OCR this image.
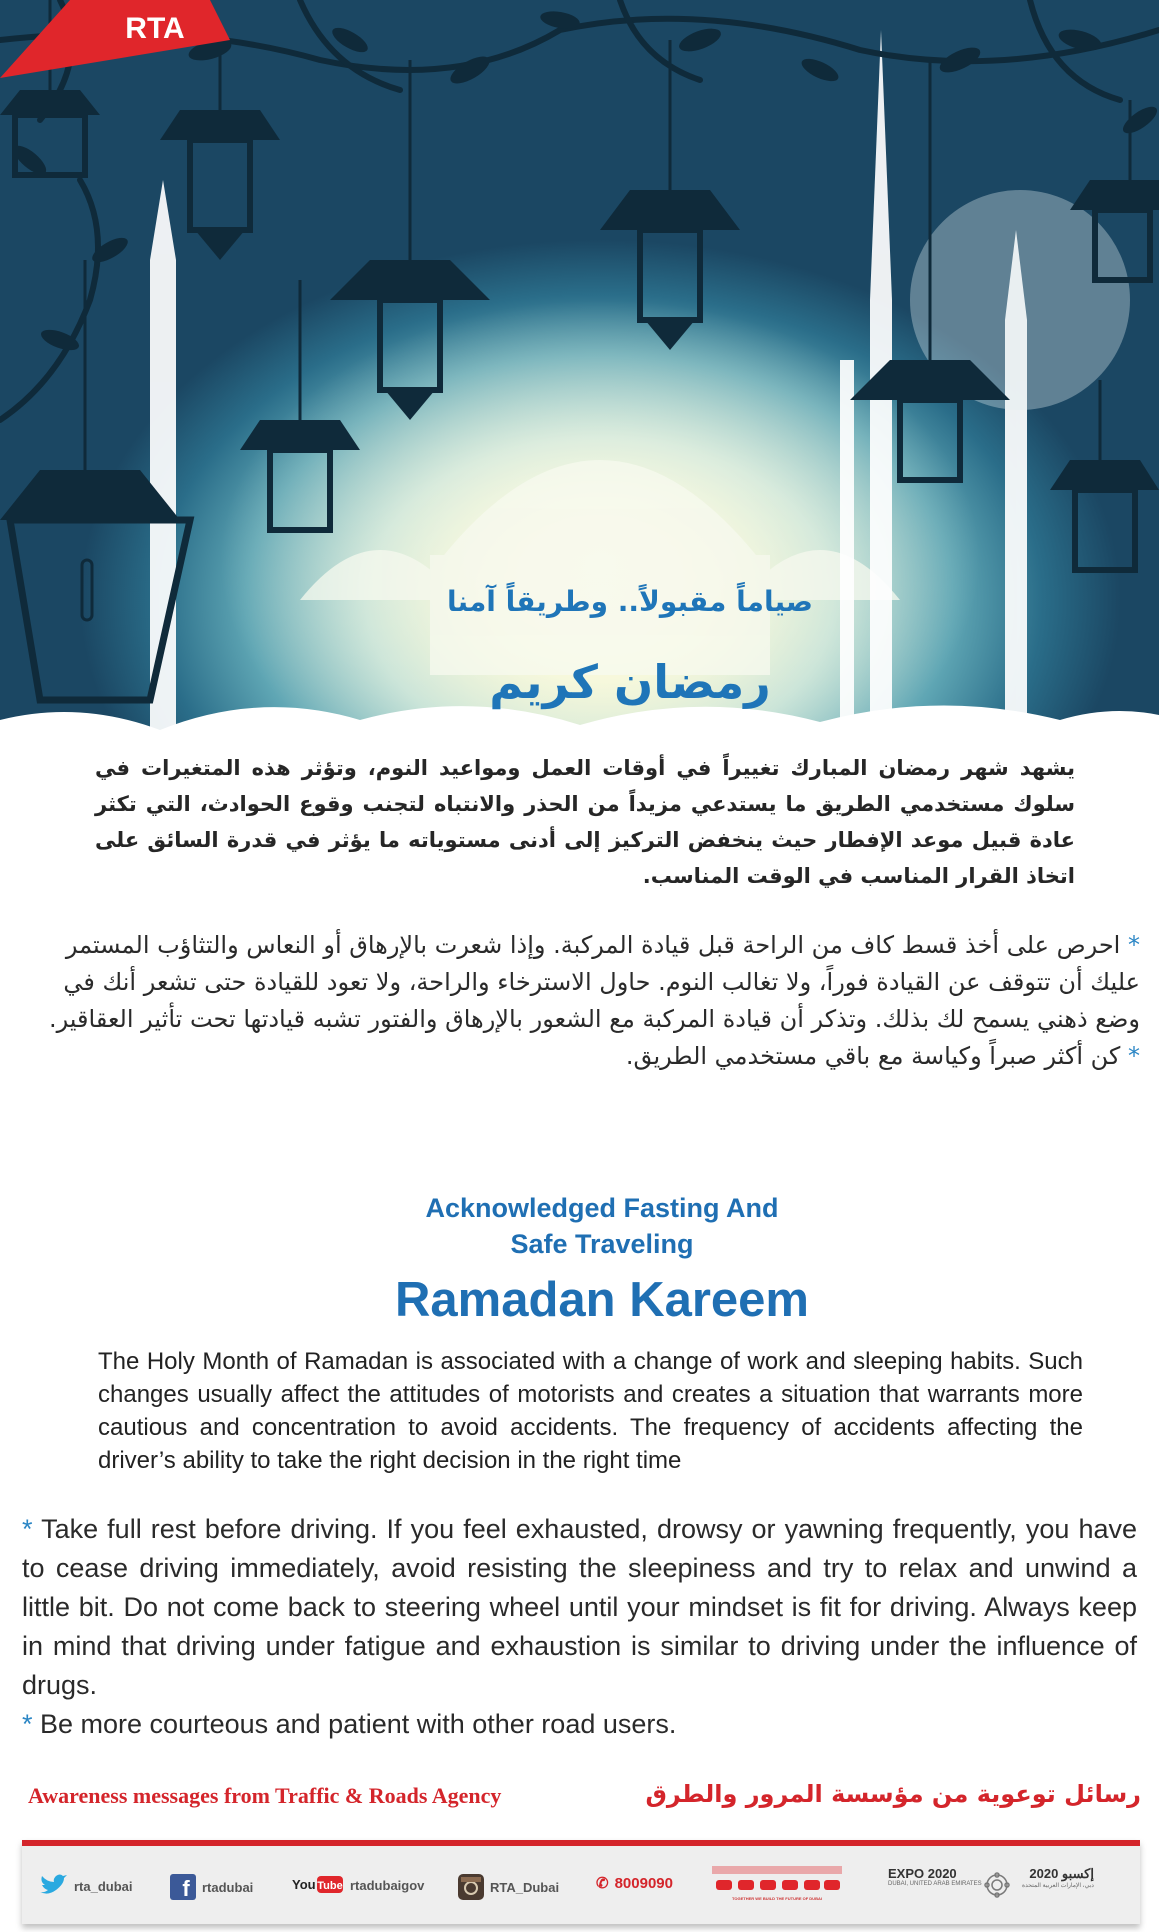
RTA
صياماً مقبولاً.. وطريقاً آمنا
رمضان كريم
يشهد شهر رمضان المبارك تغييراً في أوقات العمل ومواعيد النوم، وتؤثر هذه المتغيرات في سلوك مستخدمي الطريق ما يستدعي مزيداً من الحذر والانتباه لتجنب وقوع الحوادث، التي تكثر عادة قبيل موعد الإفطار حيث ينخفض التركيز إلى أدنى مستوياته ما يؤثر في قدرة السائق على اتخاذ القرار المناسب في الوقت المناسب.

* احرص على أخذ قسط كاف من الراحة قبل قيادة المركبة. وإذا شعرت بالإرهاق أو النعاس والتثاؤب المستمر عليك أن تتوقف عن القيادة فوراً، ولا تغالب النوم. حاول الاسترخاء والراحة، ولا تعود للقيادة حتى تشعر أنك في وضع ذهني يسمح لك بذلك. وتذكر أن قيادة المركبة مع الشعور بالإرهاق والفتور تشبه قيادتها تحت تأثير العقاقير.

* كن أكثر صبراً وكياسة مع باقي مستخدمي الطريق.

Acknowledged Fasting And
Safe Traveling
Ramadan Kareem
The Holy Month of Ramadan is associated with a change of work and sleeping habits. Such changes usually affect the attitudes of motorists and creates a situation that warrants more cautious and concentration to avoid accidents. The frequency of accidents affecting the driver’s ability to take the right decision in the right time

* Take full rest before driving. If you feel exhausted, drowsy or yawning frequently, you have to cease driving immediately, avoid resisting the sleepiness and try to relax and unwind a little bit. Do not come back to steering wheel until your mindset is fit for driving. Always keep in mind that driving under fatigue and exhaustion is similar to driving under the influence of drugs.

* Be more courteous and patient with other road users.

Awareness messages from Traffic & Roads Agency	رسائل توعوية من مؤسسة المرور والطرق
rta_dubai f rtadubai	You Tube rtadubaigov	RTA_Dubai ✆ 8009090
TOGETHER WE BUILD THE FUTURE OF DUBAI
EXPO 2020
DUBAI, UNITED ARAB EMIRATES
إكسبو 2020
دبي، الإمارات العربية المتحدة
